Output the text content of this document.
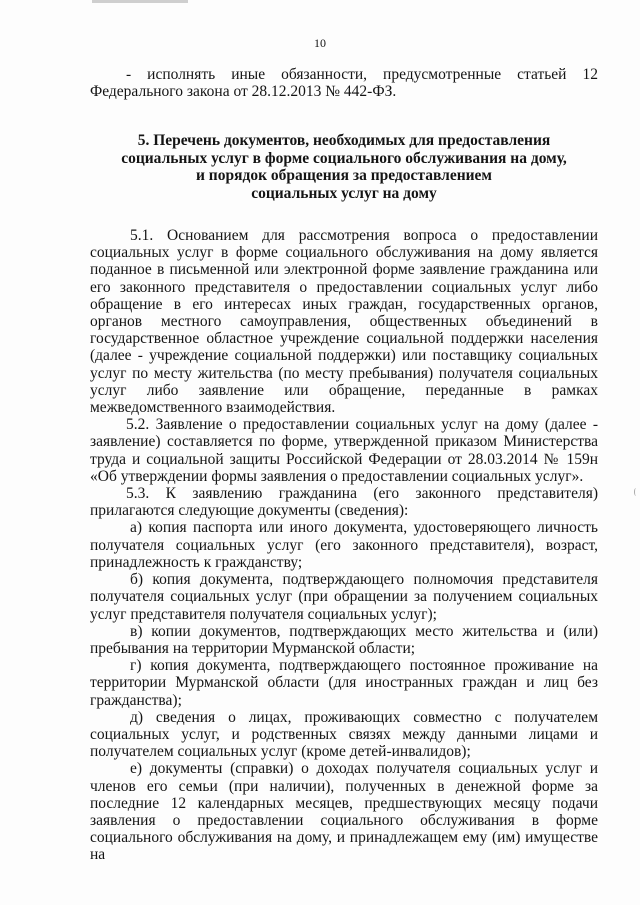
10

- исполнять иные обязанности, предусмотренные статьей 12 Федерального закона от 28.12.2013 № 442-ФЗ.

5. Перечень документов, необходимых для предоставления
социальных услуг в форме социального обслуживания на дому,
и порядок обращения за предоставлением
социальных услуг на дому

5.1. Основанием для рассмотрения вопроса о предоставлении социальных услуг в форме социального обслуживания на дому является поданное в письменной или электронной форме заявление гражданина или его законного представителя о предоставлении социальных услуг либо обращение в его интересах иных граждан, государственных органов, органов местного самоуправления, общественных объединений в государственное областное учреждение социальной поддержки населения (далее - учреждение социальной поддержки) или поставщику социальных услуг по месту жительства (по месту пребывания) получателя социальных услуг либо заявление или обращение, переданные в рамках межведомственного взаимодействия.

5.2. Заявление о предоставлении социальных услуг на дому (далее - заявление) составляется по форме, утвержденной приказом Министерства труда и социальной защиты Российской Федерации от 28.03.2014 № 159н «Об утверждении формы заявления о предоставлении социальных услуг».

5.3. К заявлению гражданина (его законного представителя) прилагаются следующие документы (сведения):

а) копия паспорта или иного документа, удостоверяющего личность получателя социальных услуг (его законного представителя), возраст, принадлежность к гражданству;

б) копия документа, подтверждающего полномочия представителя получателя социальных услуг (при обращении за получением социальных услуг представителя получателя социальных услуг);

в) копии документов, подтверждающих место жительства и (или) пребывания на территории Мурманской области;

г) копия документа, подтверждающего постоянное проживание на территории Мурманской области (для иностранных граждан и лиц без гражданства);

д) сведения о лицах, проживающих совместно с получателем социальных услуг, и родственных связях между данными лицами и получателем социальных услуг (кроме детей-инвалидов);

е) документы (справки) о доходах получателя социальных услуг и членов его семьи (при наличии), полученных в денежной форме за последние 12 календарных месяцев, предшествующих месяцу подачи заявления о предоставлении социального обслуживания в форме социального обслуживания на дому, и принадлежащем ему (им) имуществе на
